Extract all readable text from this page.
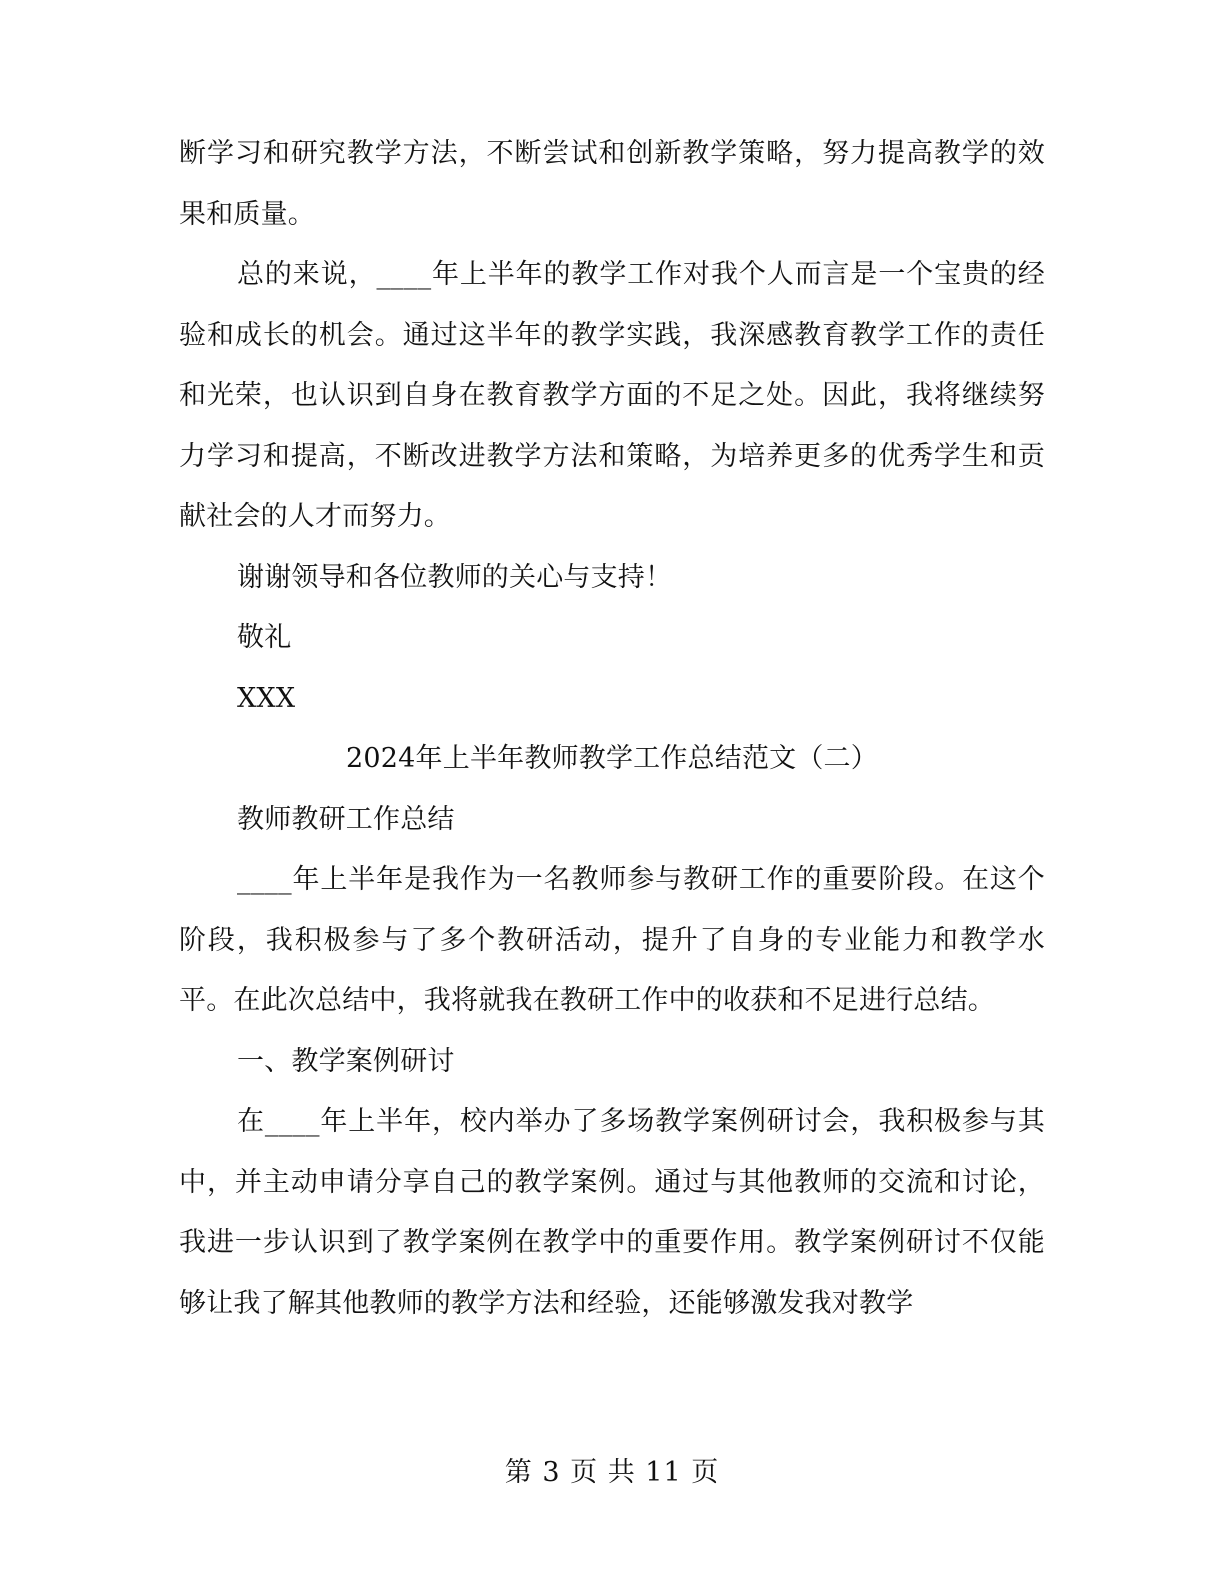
断学习和研究教学方法，不断尝试和创新教学策略，努力提高教学的效果和质量。

总的来说，____年上半年的教学工作对我个人而言是一个宝贵的经验和成长的机会。通过这半年的教学实践，我深感教育教学工作的责任和光荣，也认识到自身在教育教学方面的不足之处。因此，我将继续努力学习和提高，不断改进教学方法和策略，为培养更多的优秀学生和贡献社会的人才而努力。

谢谢领导和各位教师的关心与支持！

敬礼

XXX

2024年上半年教师教学工作总结范文（二）

教师教研工作总结

____年上半年是我作为一名教师参与教研工作的重要阶段。在这个阶段，我积极参与了多个教研活动，提升了自身的专业能力和教学水平。在此次总结中，我将就我在教研工作中的收获和不足进行总结。

一、教学案例研讨

在____年上半年，校内举办了多场教学案例研讨会，我积极参与其中，并主动申请分享自己的教学案例。通过与其他教师的交流和讨论，我进一步认识到了教学案例在教学中的重要作用。教学案例研讨不仅能够让我了解其他教师的教学方法和经验，还能够激发我对教学

第 3 页 共 11 页
